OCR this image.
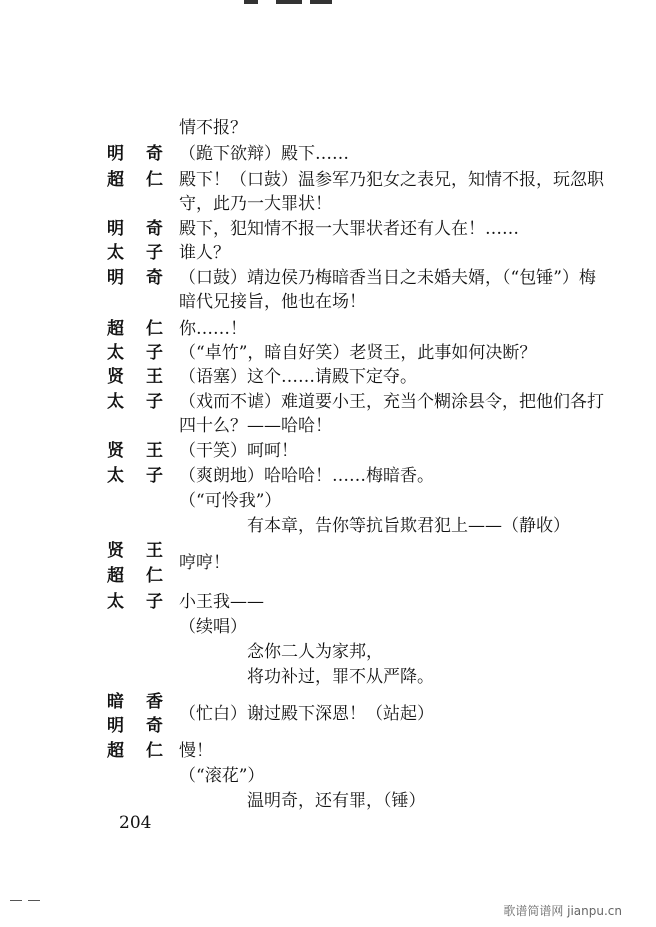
情不报？
明 奇 （跪下欲辩）殿下……
超 仁 殿下！（口鼓）温参军乃犯女之表兄，知情不报，玩忽职
守，此乃一大罪状！
明 奇 殿下，犯知情不报一大罪状者还有人在！……
太 子 谁人？
明 奇 （口鼓）靖边侯乃梅暗香当日之未婚夫婿，（“包锤”）梅
暗代兄接旨，他也在场！
超 仁 你……！
太 子 （“卓竹”，暗自好笑）老贤王，此事如何决断？
贤 王 （语塞）这个……请殿下定夺。
太 子 （戏而不谑）难道要小王，充当个糊涂县令，把他们各打
四十么？——哈哈！
贤 王 （干笑）呵呵！
太 子 （爽朗地）哈哈哈！……梅暗香。
（“可怜我”）
有本章，告你等抗旨欺君犯上——（静收）
贤 王
超 仁
哼哼！
太 子 小王我——
（续唱）
念你二人为家邦，
将功补过，罪不从严降。
暗 香
明 奇
（忙白）谢过殿下深恩！（站起）
超 仁 慢！
（“滚花”）
温明奇，还有罪，（锤）
204
歌谱简谱网 jianpu.cn
